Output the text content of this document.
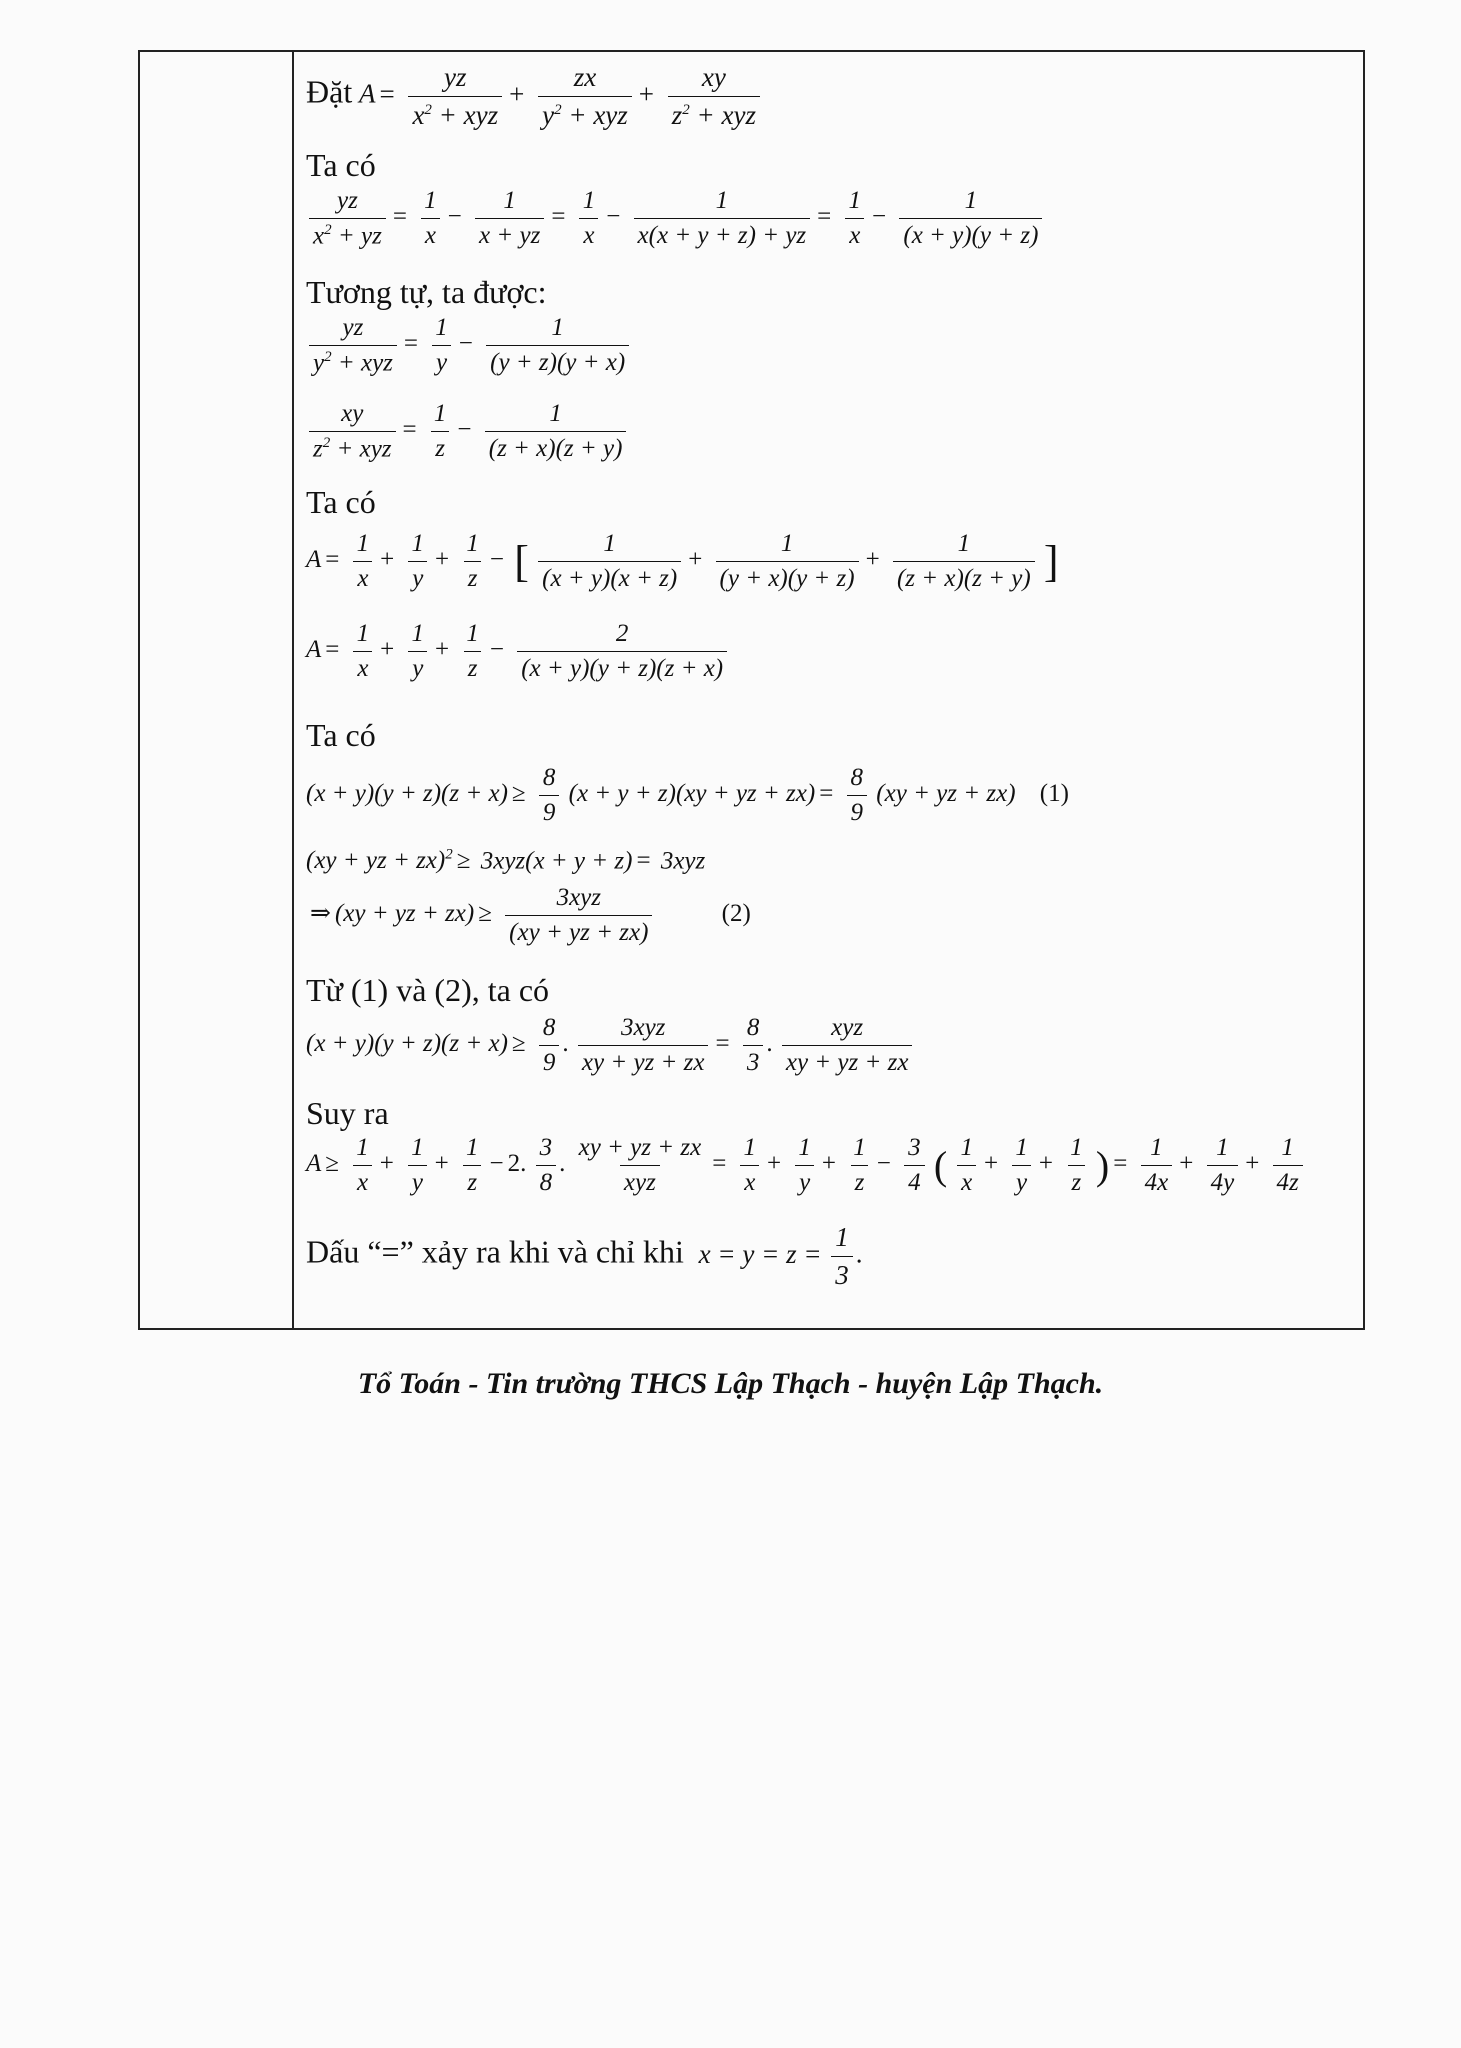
Đặt $A = \frac{yz}{x^2 + xyz} + \frac{zx}{y^2 + xyz} + \frac{xy}{z^2 + xyz}$
Ta có
$\frac{yz}{x^2 + yz} = \frac{1}{x} - \frac{1}{x + yz} = \frac{1}{x} - \frac{1}{x(x + y + z) + yz} = \frac{1}{x} - \frac{1}{(x + y)(y + z)}$
Tương tự, ta được:
$\frac{yz}{y^2 + xyz} = \frac{1}{y} - \frac{1}{(y + z)(y + x)}$
$\frac{xy}{z^2 + xyz} = \frac{1}{z} - \frac{1}{(z + x)(z + y)}$
Ta có
$A = \frac{1}{x} + \frac{1}{y} + \frac{1}{z}$ − [ $\frac{1}{(x + y)(x + z)} + \frac{1}{(y + x)(y + z)} + \frac{1}{(z + x)(z + y)}$ ]
$A = \frac{1}{x} + \frac{1}{y} + \frac{1}{z} - \frac{2}{(x + y)(y + z)(z + x)}$
Ta có
$(x + y)(y + z)(z + x) \ge \frac{8}{9} (x + y + z)(xy$ + yz + $zx) = \frac{8}{9} (xy$ + yz + zx) (1)
(xy + yz + zx)$^2$ ≥ 3xyz(x + y + z) = 3xyz
⇒ (xy + yz + $zx) \ge \frac{\text{3xyz}}{(xy + yz + zx)}$	(2)
Từ (1) và (2), ta có
$(x + y)(y + z)(z + x) \ge \frac{8}{9}$ . $\frac{\text{3xyz}}{xy + yz + zx} = \frac{8}{3}$ . $\frac{\text{xyz}}{xy + yz + zx}$
Suy ra
$A \ge \frac{1}{x} + \frac{1}{y} + \frac{1}{z} - 2$. $\frac{3}{8}$ . $\frac{xy + yz + zx}{\text{xyz}} = \frac{1}{x} + \frac{1}{y} + \frac{1}{z} - \frac{3}{4}$ ( $\frac{1}{x} + \frac{1}{y} + \frac{1}{z}$ ) = $\frac{1}{4x} + \frac{1}{4y} + \frac{1}{4z}$
Dấu “=” xảy ra khi và chỉ khi $x = y = z = \frac{1}{3}$ .
Tổ Toán - Tin trường THCS Lập Thạch - huyện Lập Thạch.
